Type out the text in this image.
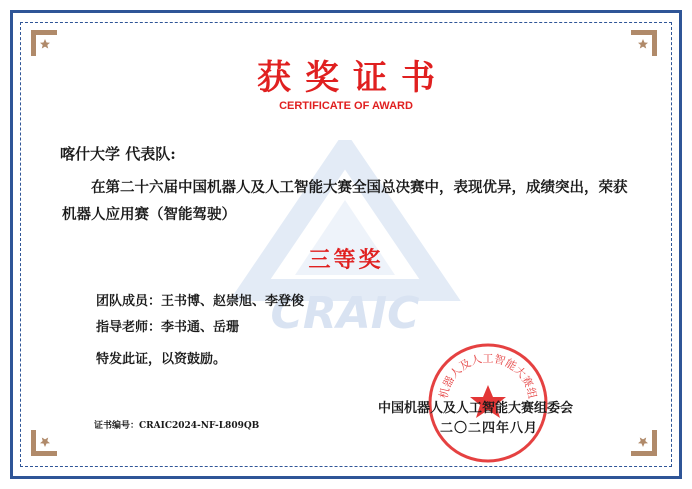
CRAIC
获奖证书
CERTIFICATE OF AWARD
喀什大学 代表队:
在第二十六届中国机器人及人工智能大赛全国总决赛中，表现优异，成绩突出，荣获 机器人应用赛（智能驾驶）
三等奖
团队成员：王书博、赵崇旭、李登俊
指导老师：李书通、岳珊
特发此证，以资鼓励。
证书编号：CRAIC2024-NF-L809QB
机器人及人工智能大赛组
中国机器人及人工智能大赛组委会
二〇二四年八月
